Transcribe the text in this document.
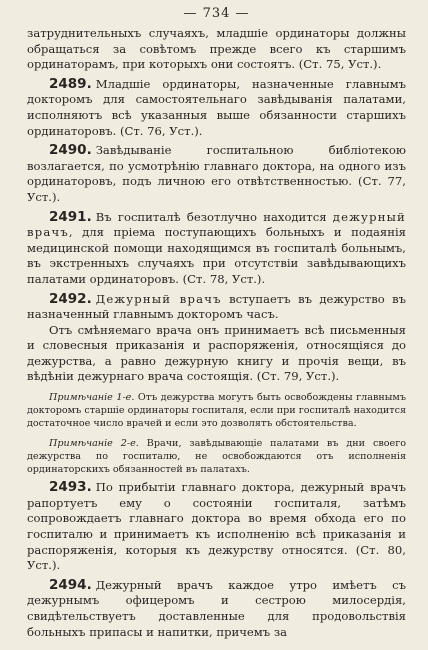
— 734 —

затруднительныхъ случаяхъ, младшіе ординаторы должны обращаться за совѣтомъ прежде всего къ старшимъ ординаторамъ, при которыхъ они состоятъ. (Ст. 75, Уст.).

2489. Младшіе ординаторы, назначенные главнымъ докторомъ для самостоятельнаго завѣдыванія палатами, исполняютъ всѣ указанныя выше обязанности старшихъ ординаторовъ. (Ст. 76, Уст.).

2490. Завѣдываніе госпитальною библіотекою возлагается, по усмотрѣнію главнаго доктора, на одного изъ ординаторовъ, подъ личною его отвѣтственностью. (Ст. 77, Уст.).

2491. Въ госпиталѣ безотлучно находится дежурный врачъ, для пріема поступающихъ больныхъ и подаянія медицинской помощи находящимся въ госпиталѣ больнымъ, въ экстренныхъ случаяхъ при отсутствіи завѣдывающихъ палатами ординаторовъ. (Ст. 78, Уст.).

2492. Дежурный врачъ вступаетъ въ дежурство въ назначенный главнымъ докторомъ часъ.

Отъ смѣняемаго врача онъ принимаетъ всѣ письменныя и словесныя приказанія и распоряженія, относящіяся до дежурства, а равно дежурную книгу и прочія вещи, въ вѣдѣніи дежурнаго врача состоящія. (Ст. 79, Уст.).

Примѣчаніе 1-е. Отъ дежурства могутъ быть освобождены главнымъ докторомъ старшіе ординаторы госпиталя, если при госпиталѣ находится достаточное число врачей и если это дозволятъ обстоятельства.

Примѣчаніе 2-е. Врачи, завѣдывающіе палатами въ дни своего дежурства по госпиталю, не освобождаются отъ исполненія ординаторскихъ обязанностей въ палатахъ.

2493. По прибытіи главнаго доктора, дежурный врачъ рапортуетъ ему о состояніи госпиталя, затѣмъ сопровождаетъ главнаго доктора во время обхода его по госпиталю и принимаетъ къ исполненію всѣ приказанія и распоряженія, которыя къ дежурству относятся. (Ст. 80, Уст.).

2494. Дежурный врачъ каждое утро имѣетъ съ дежурнымъ офицеромъ и сестрою милосердія, свидѣтельствуетъ доставленные для продовольствія больныхъ припасы и напитки, причемъ за
